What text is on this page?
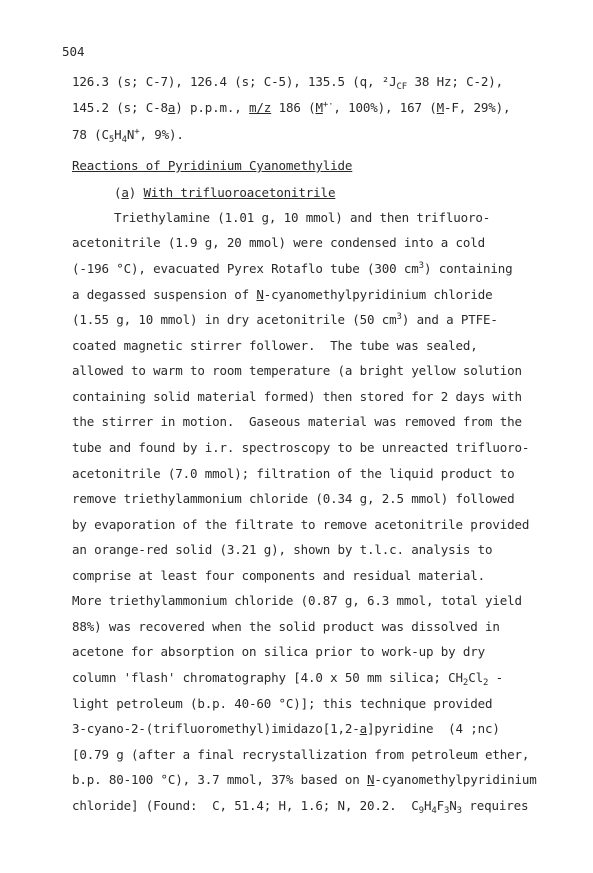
504
126.3 (s; C-7), 126.4 (s; C-5), 135.5 (q, $^2J_{CF}$ 38 Hz; C-2),
145.2 (s; C-8a) p.p.m., m/z 186 (M+·, 100%), 167 (M-F, 29%),
78 ($C_5H_4N^+$, 9%).
Reactions of Pyridinium Cyanomethylide
(a) With trifluoroacetonitrile
Triethylamine (1.01 g, 10 mmol) and then trifluoro-
acetonitrile (1.9 g, 20 mmol) were condensed into a cold
(-196 °C), evacuated Pyrex Rotaflo tube (300 $cm^3$) containing
a degassed suspension of N-cyanomethylpyridinium chloride
(1.55 g, 10 mmol) in dry acetonitrile (50 $cm^3$) and a PTFE-
coated magnetic stirrer follower.  The tube was sealed,
allowed to warm to room temperature (a bright yellow solution
containing solid material formed) then stored for 2 days with
the stirrer in motion.  Gaseous material was removed from the
tube and found by i.r. spectroscopy to be unreacted trifluoro-
acetonitrile (7.0 mmol); filtration of the liquid product to
remove triethylammonium chloride (0.34 g, 2.5 mmol) followed
by evaporation of the filtrate to remove acetonitrile provided
an orange-red solid (3.21 g), shown by t.l.c. analysis to
comprise at least four components and residual material.
More triethylammonium chloride (0.87 g, 6.3 mmol, total yield
88%) was recovered when the solid product was dissolved in
acetone for absorption on silica prior to work-up by dry
column 'flash' chromatography [4.0 x 50 mm silica; $CH_2Cl_2$ -
light petroleum (b.p. 40-60 °C)]; this technique provided
3-cyano-2-(trifluoromethyl)imidazo[1,2-a]pyridine  (4 ;nc)
[0.79 g (after a final recrystallization from petroleum ether,
b.p. 80-100 °C), 3.7 mmol, 37% based on N-cyanomethylpyridinium
chloride] (Found:  C, 51.4; H, 1.6; N, 20.2.  $C_9H_4F_3N_3$ requires
